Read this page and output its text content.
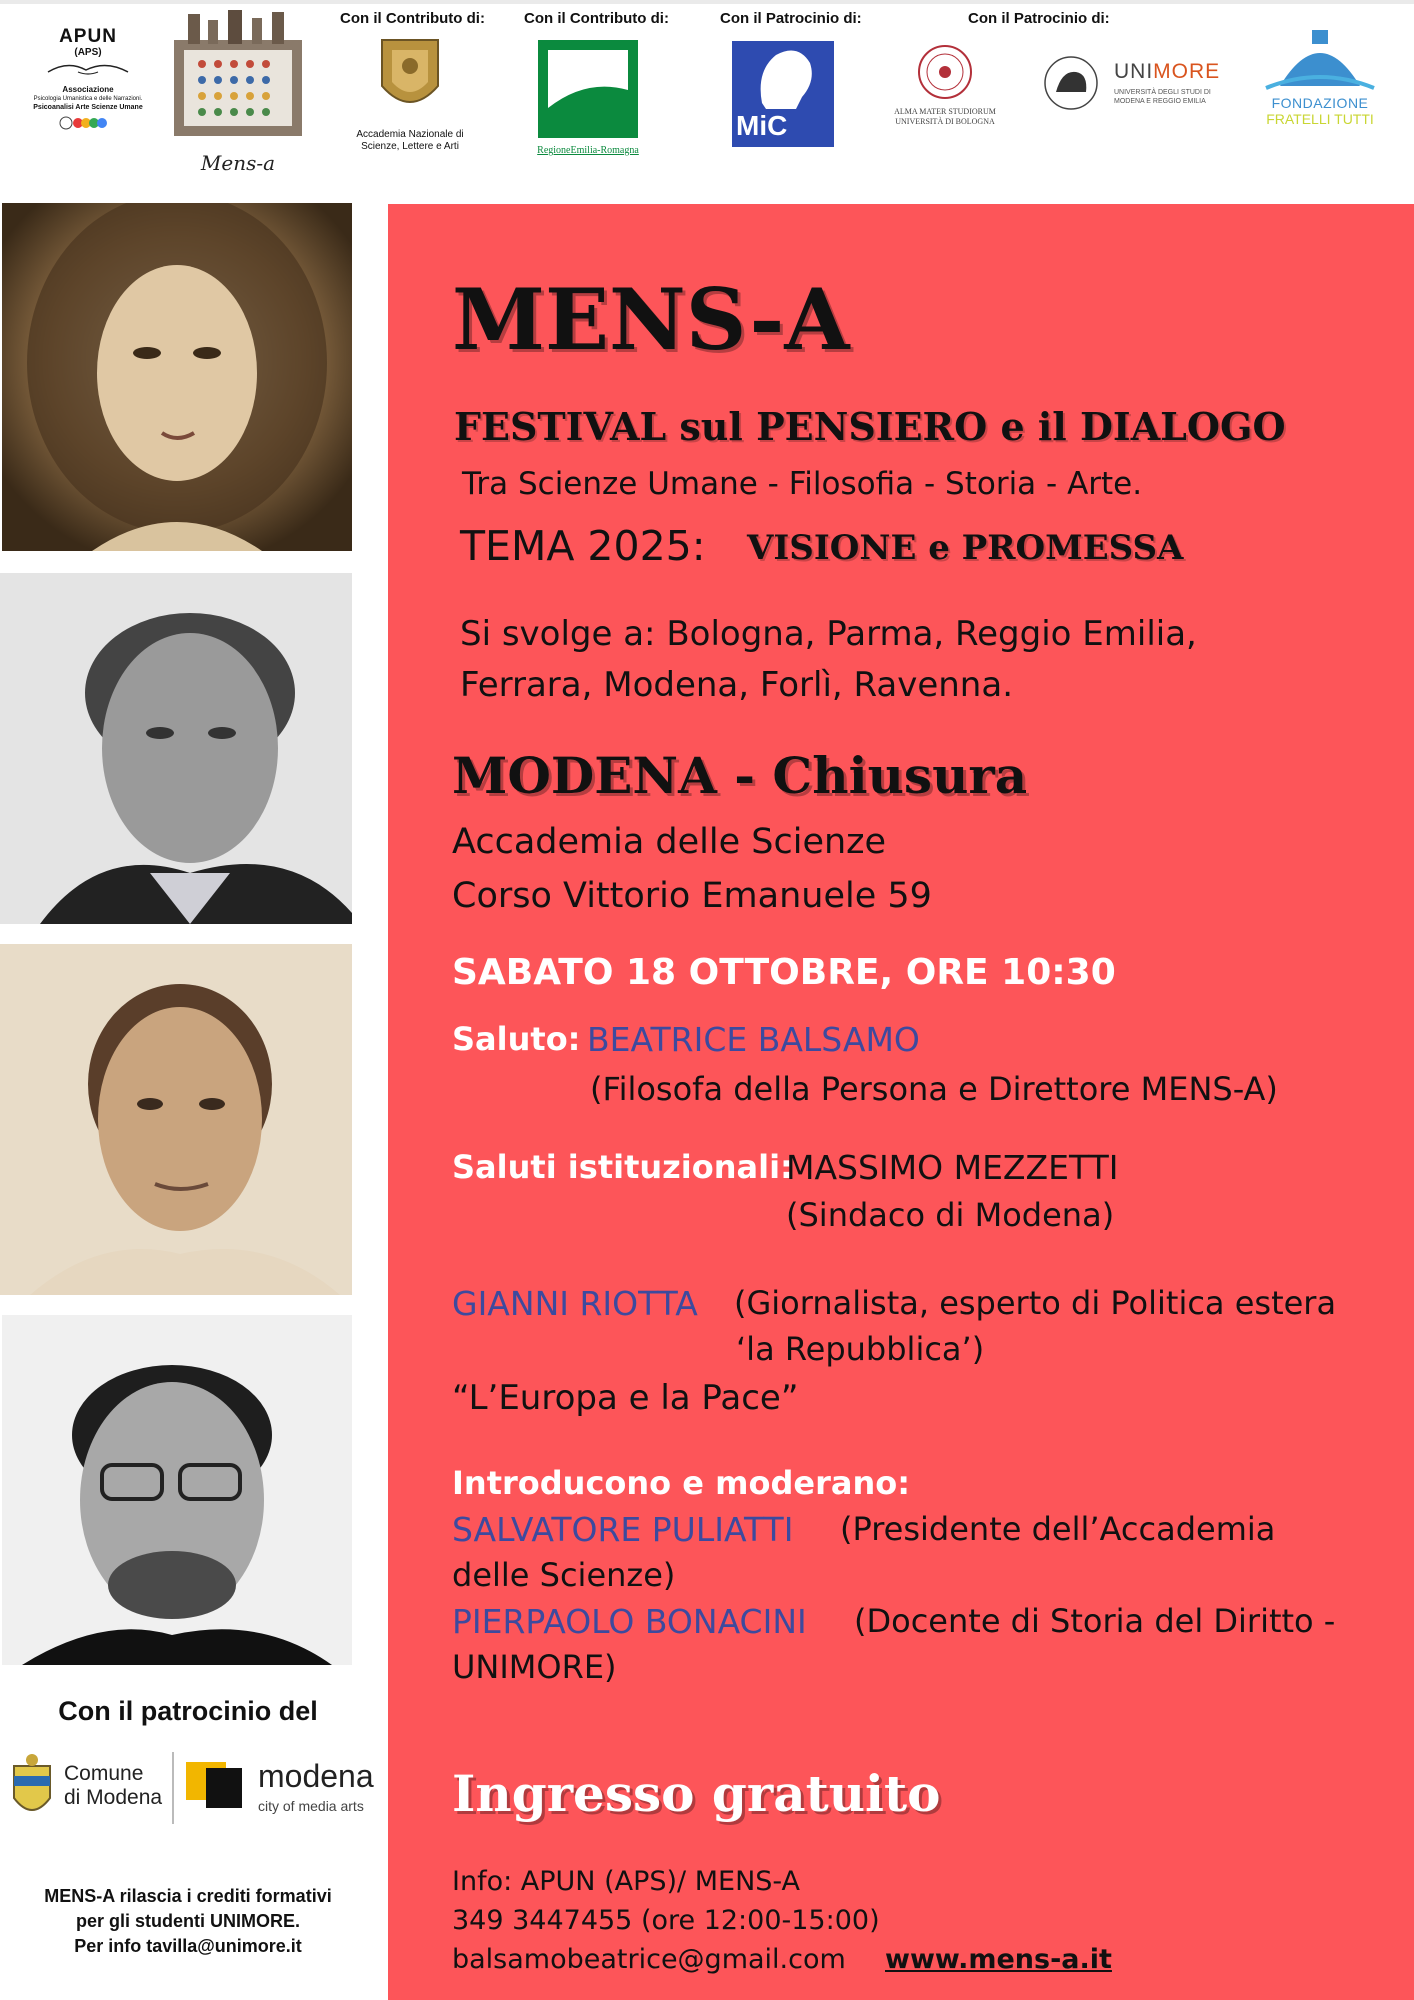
APUN
(APS)
Associazione
Psicologia Umanistica e delle Narrazioni.
Psicoanalisi Arte Scienze Umane
Mens-a
Con il Contributo di:	Con il Contributo di:	Con il Patrocinio di:	Con il Patrocinio di:
Accademia Nazionale di Scienze, Lettere e Arti	RegioneEmilia-Romagna
MiC	ALMA MATER STUDIORUM
UNIVERSITÀ DI BOLOGNA
UNIMORE
UNIVERSITÀ DEGLI STUDI DI
MODENA E REGGIO EMILIA	FONDAZIONE
FRATELLI TUTTI
Con il patrocinio del
Comune
di Modena
modena
city of media arts
MENS-A rilascia i crediti formativi
per gli studenti UNIMORE.
Per info tavilla@unimore.it
MENS-A
FESTIVAL sul PENSIERO e il DIALOGO
Tra Scienze Umane - Filosofia - Storia - Arte.
TEMA 2025: VISIONE e PROMESSA
Si svolge a: Bologna, Parma, Reggio Emilia,
Ferrara, Modena, Forlì, Ravenna.
MODENA - Chiusura
Accademia delle Scienze
Corso Vittorio Emanuele 59
SABATO 18 OTTOBRE, ORE 10:30
Saluto: BEATRICE BALSAMO
(Filosofa della Persona e Direttore MENS-A)
Saluti istituzionali:
MASSIMO MEZZETTI
(Sindaco di Modena)
GIANNI RIOTTA (Giornalista, esperto di Politica estera
‘la Repubblica’)
“L’Europa e la Pace”
Introducono e moderano:
SALVATORE PULIATTI (Presidente dell’Accademia
delle Scienze)
PIERPAOLO BONACINI (Docente di Storia del Diritto -
UNIMORE)
Ingresso gratuito
Info: APUN (APS)/ MENS-A
349 3447455 (ore 12:00-15:00)
balsamobeatrice@gmail.com www.mens-a.it
